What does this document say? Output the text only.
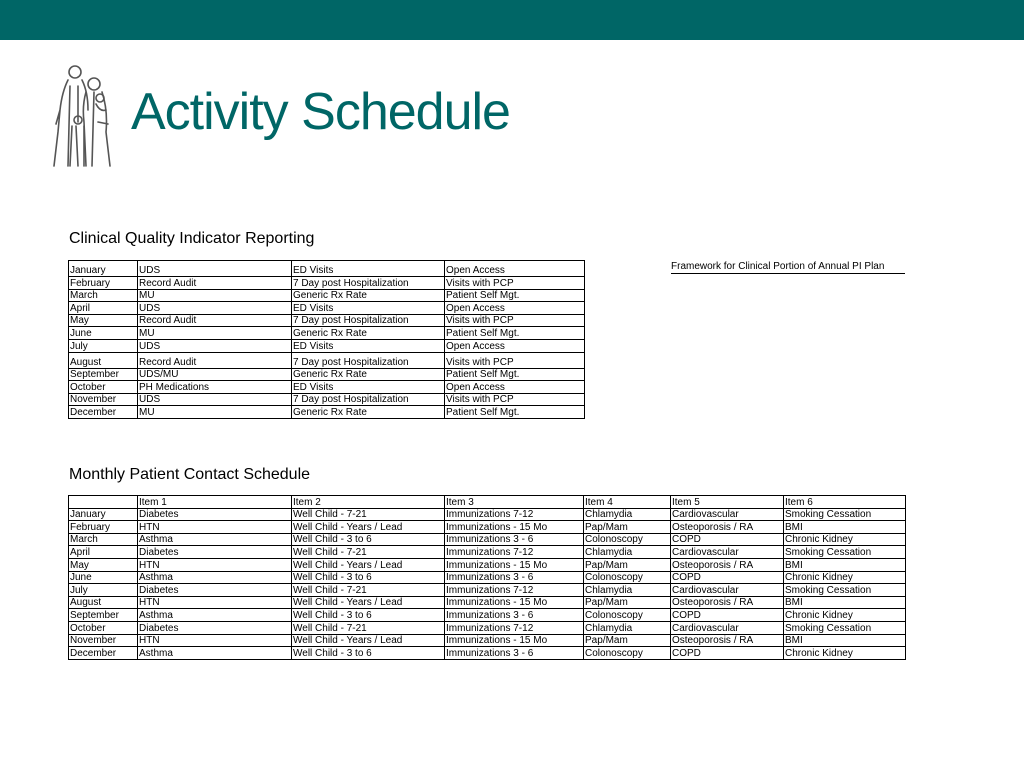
Activity Schedule
Clinical Quality Indicator Reporting
January	UDS	ED Visits	Open Access
February	Record Audit	7 Day post Hospitalization	Visits with PCP
March	MU	Generic Rx Rate	Patient Self Mgt.
April	UDS	ED Visits	Open Access
May	Record Audit	7 Day post Hospitalization	Visits with PCP
June	MU	Generic Rx Rate	Patient Self Mgt.
July	UDS	ED Visits	Open Access
August	Record Audit	7 Day post Hospitalization	Visits with PCP
September	UDS/MU	Generic Rx Rate	Patient Self Mgt.
October	PH Medications	ED Visits	Open Access
November	UDS	7 Day post Hospitalization	Visits with PCP
December	MU	Generic Rx Rate	Patient Self Mgt.
Framework for Clinical Portion of Annual PI Plan
Monthly Patient Contact Schedule
	Item 1	Item 2	Item 3	Item 4	Item 5	Item 6
January	Diabetes	Well Child - 7-21	Immunizations 7-12	Chlamydia	Cardiovascular	Smoking Cessation
February	HTN	Well Child - Years / Lead	Immunizations - 15 Mo	Pap/Mam	Osteoporosis / RA	BMI
March	Asthma	Well Child - 3 to 6	Immunizations 3 - 6	Colonoscopy	COPD	Chronic Kidney
April	Diabetes	Well Child - 7-21	Immunizations 7-12	Chlamydia	Cardiovascular	Smoking Cessation
May	HTN	Well Child - Years / Lead	Immunizations - 15 Mo	Pap/Mam	Osteoporosis / RA	BMI
June	Asthma	Well Child - 3 to 6	Immunizations 3 - 6	Colonoscopy	COPD	Chronic Kidney
July	Diabetes	Well Child - 7-21	Immunizations 7-12	Chlamydia	Cardiovascular	Smoking Cessation
August	HTN	Well Child - Years / Lead	Immunizations - 15 Mo	Pap/Mam	Osteoporosis / RA	BMI
September	Asthma	Well Child - 3 to 6	Immunizations 3 - 6	Colonoscopy	COPD	Chronic Kidney
October	Diabetes	Well Child - 7-21	Immunizations 7-12	Chlamydia	Cardiovascular	Smoking Cessation
November	HTN	Well Child - Years / Lead	Immunizations - 15 Mo	Pap/Mam	Osteoporosis / RA	BMI
December	Asthma	Well Child - 3 to 6	Immunizations 3 - 6	Colonoscopy	COPD	Chronic Kidney
